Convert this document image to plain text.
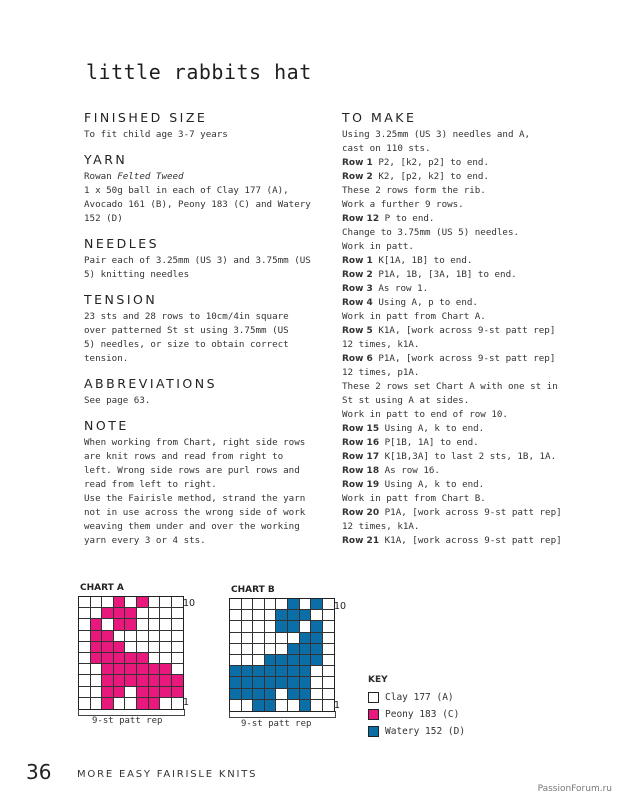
little rabbits hat
FINISHED SIZE
To fit child age 3-7 years
YARN
Rowan Felted Tweed
1 x 50g ball in each of Clay 177 (A),
Avocado 161 (B), Peony 183 (C) and Watery
152 (D)
NEEDLES
Pair each of 3.25mm (US 3) and 3.75mm (US
5) knitting needles
TENSION
23 sts and 28 rows to 10cm/4in square
over patterned St st using 3.75mm (US
5) needles, or size to obtain correct
tension.
ABBREVIATIONS
See page 63.
NOTE
When working from Chart, right side rows
are knit rows and read from right to
left. Wrong side rows are purl rows and
read from left to right.
Use the Fairisle method, strand the yarn
not in use across the wrong side of work
weaving them under and over the working
yarn every 3 or 4 sts.
TO MAKE
Using 3.25mm (US 3) needles and A,
cast on 110 sts.
Row 1 P2, [k2, p2] to end.
Row 2 K2, [p2, k2] to end.
These 2 rows form the rib.
Work a further 9 rows.
Row 12 P to end.
Change to 3.75mm (US 5) needles.
Work in patt.
Row 1 K[1A, 1B] to end.
Row 2 P1A, 1B, [3A, 1B] to end.
Row 3 As row 1.
Row 4 Using A, p to end.
Work in patt from Chart A.
Row 5 K1A, [work across 9-st patt rep]
12 times, k1A.
Row 6 P1A, [work across 9-st patt rep]
12 times, p1A.
These 2 rows set Chart A with one st in
St st using A at sides.
Work in patt to end of row 10.
Row 15 Using A, k to end.
Row 16 P[1B, 1A] to end.
Row 17 K[1B,3A] to last 2 sts, 1B, 1A.
Row 18 As row 16.
Row 19 Using A, k to end.
Work in patt from Chart B.
Row 20 P1A, [work across 9-st patt rep]
12 times, k1A.
Row 21 K1A, [work across 9-st patt rep]
CHART A
10
1
9-st patt rep
CHART B
10
1
9-st patt rep
KEY
Clay 177 (A)
Peony 183 (C)
Watery 152 (D)
36	MORE EASY FAIRISLE KNITS
PassionForum.ru
